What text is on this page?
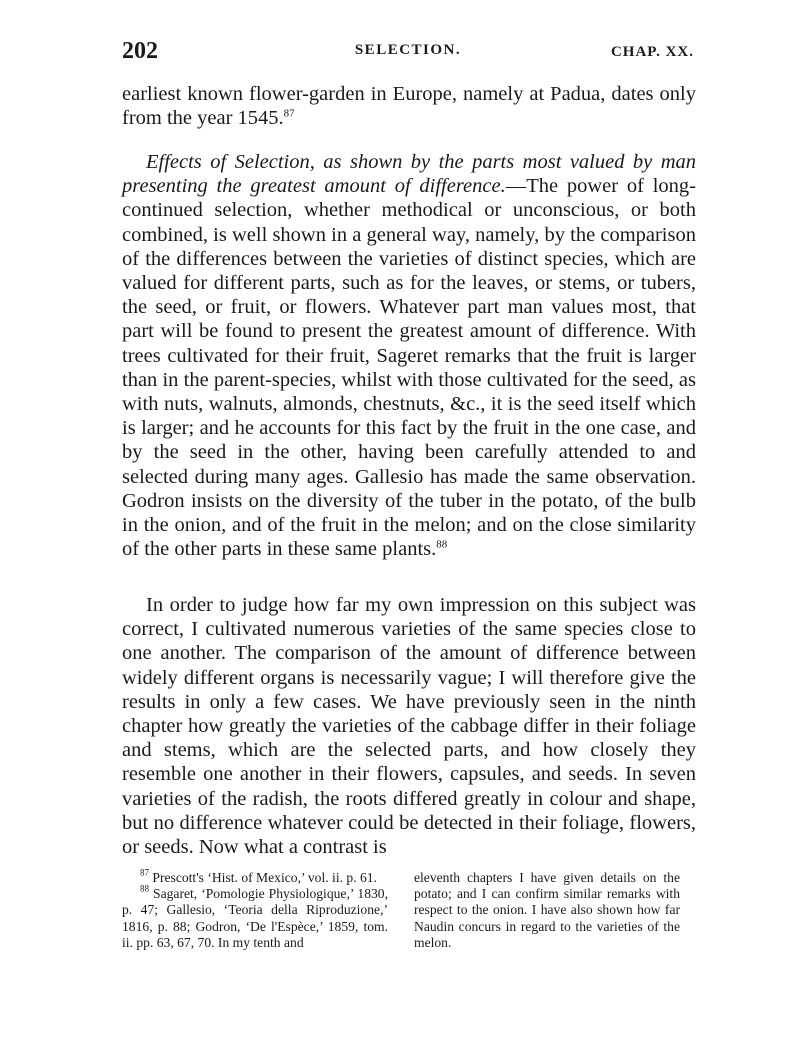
202	SELECTION.	CHAP. XX.

earliest known flower-garden in Europe, namely at Padua, dates only from the year 1545.87

Effects of Selection, as shown by the parts most valued by man presenting the greatest amount of difference.—The power of long-continued selection, whether methodical or unconscious, or both combined, is well shown in a general way, namely, by the comparison of the differences between the varieties of distinct species, which are valued for different parts, such as for the leaves, or stems, or tubers, the seed, or fruit, or flowers. Whatever part man values most, that part will be found to present the greatest amount of difference. With trees cultivated for their fruit, Sageret remarks that the fruit is larger than in the parent-species, whilst with those cultivated for the seed, as with nuts, walnuts, almonds, chestnuts, &c., it is the seed itself which is larger; and he accounts for this fact by the fruit in the one case, and by the seed in the other, having been carefully attended to and selected during many ages. Gallesio has made the same observation. Godron insists on the diversity of the tuber in the potato, of the bulb in the onion, and of the fruit in the melon; and on the close similarity of the other parts in these same plants.$^{88}$

In order to judge how far my own impression on this subject was correct, I cultivated numerous varieties of the same species close to one another. The comparison of the amount of difference between widely different organs is necessarily vague; I will therefore give the results in only a few cases. We have previously seen in the ninth chapter how greatly the varieties of the cabbage differ in their foliage and stems, which are the selected parts, and how closely they resemble one another in their flowers, capsules, and seeds. In seven varieties of the radish, the roots differed greatly in colour and shape, but no difference whatever could be detected in their foliage, flowers, or seeds. Now what a contrast is

$^{87}$ Prescott's ‘Hist. of Mexico,’ vol. ii. p. 61.

$^{88}$ Sagaret, ‘Pomologie Physiologique,’ 1830, p. 47; Gallesio, ‘Teoria della Riproduzione,’ 1816, p. 88; Godron, ‘De l'Espèce,’ 1859, tom. ii. pp. 63, 67, 70. In my tenth and

eleventh chapters I have given details on the potato; and I can confirm similar remarks with respect to the onion. I have also shown how far Naudin concurs in regard to the varieties of the melon.
